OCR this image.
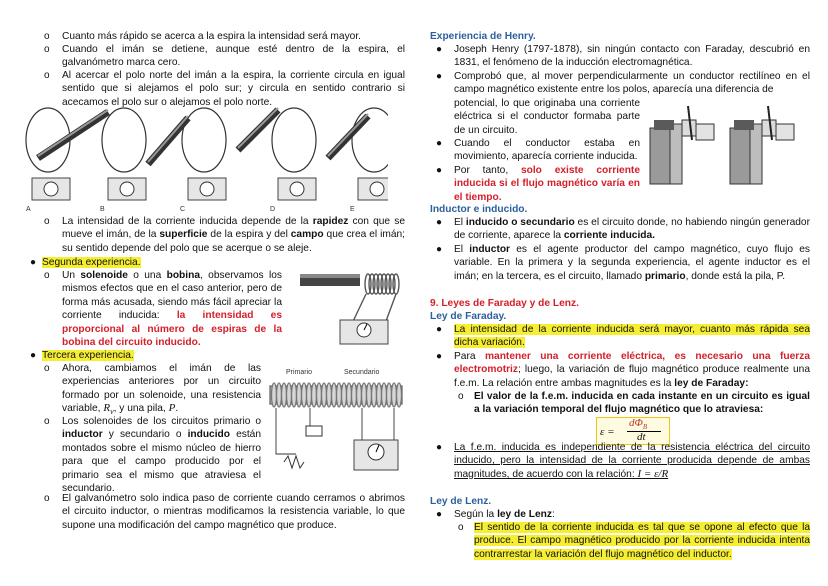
o Cuanto más rápido se acerca a la espira la intensidad será mayor.
o Cuando el imán se detiene, aunque esté dentro de la espira, el galvanómetro marca cero.
o Al acercar el polo norte del imán a la espira, la corriente circula en igual sentido que si alejamos el polo sur; y circula en sentido contrario si acecamos el polo sur o alejamos el polo norte.
A	B	C	D	E
o La intensidad de la corriente inducida depende de la rapidez con que se mueve el imán, de la superficie de la espira y del campo que crea el imán; su sentido depende del polo que se acerque o se aleje.
● Segunda experiencia.
o Un solenoide o una bobina, observamos los mismos efectos que en el caso anterior, pero de forma más acusada, siendo más fácil apreciar la corriente inducida: la intensidad es proporcional al número de espiras de la bobina del circuito inducido.
● Tercera experiencia.
o Ahora, cambiamos el imán de las experiencias anteriores por un circuito formado por un solenoide, una resistencia variable, $R_v$, y una pila, P.
o Los solenoides de los circuitos primario o inductor y secundario o inducido están montados sobre el mismo núcleo de hierro para que el campo producido por el primario sea el mismo que atraviesa el secundario.
Primario	Secundario
o El galvanómetro solo indica paso de corriente cuando cerramos o abrimos el circuito inductor, o mientras modificamos la resistencia variable, lo que supone una modificación del campo magnético que produce.
Experiencia de Henry.
● Joseph Henry (1797-1878), sin ningún contacto con Faraday, descubrió en 1831, el fenómeno de la inducción electromagnética.
● Comprobó que, al mover perpendicularmente un conductor rectilíneo en el campo magnético existente entre los polos, aparecía una diferencia de
potencial, lo que originaba una corriente eléctrica si el conductor formaba parte de un circuito.
● Cuando el conductor estaba en movimiento, aparecía corriente inducida.
● Por tanto, solo existe corriente inducida si el flujo magnético varía en el tiempo.
Inductor e inducido.
● El inducido o secundario es el circuito donde, no habiendo ningún generador de corriente, aparece la corriente inducida.
● El inductor es el agente productor del campo magnético, cuyo flujo es variable. En la primera y la segunda experiencia, el agente inductor es el imán; en la tercera, es el circuito, llamado primario, donde está la pila, P.
9. Leyes de Faraday y de Lenz.
Ley de Faraday.
● La intensidad de la corriente inducida será mayor, cuanto más rápida sea dicha variación.
● Para mantener una corriente eléctrica, es necesario una fuerza electromotriz; luego, la variación de flujo magnético produce realmente una f.e.m. La relación entre ambas magnitudes es la ley de Faraday:
o El valor de la f.e.m. inducida en cada instante en un circuito es igual a la variación temporal del flujo magnético que lo atraviesa:
ε =
$d\Phi_B$
dt
● La f.e.m. inducida es independiente de la resistencia eléctrica del circuito inducido, pero la intensidad de la corriente producida depende de ambas magnitudes, de acuerdo con la relación: I = ε/R
Ley de Lenz.
● Según la ley de Lenz:
o El sentido de la corriente inducida es tal que se opone al efecto que la produce. El campo magnético producido por la corriente inducida intenta contrarrestar la variación del flujo magnético del inductor.
